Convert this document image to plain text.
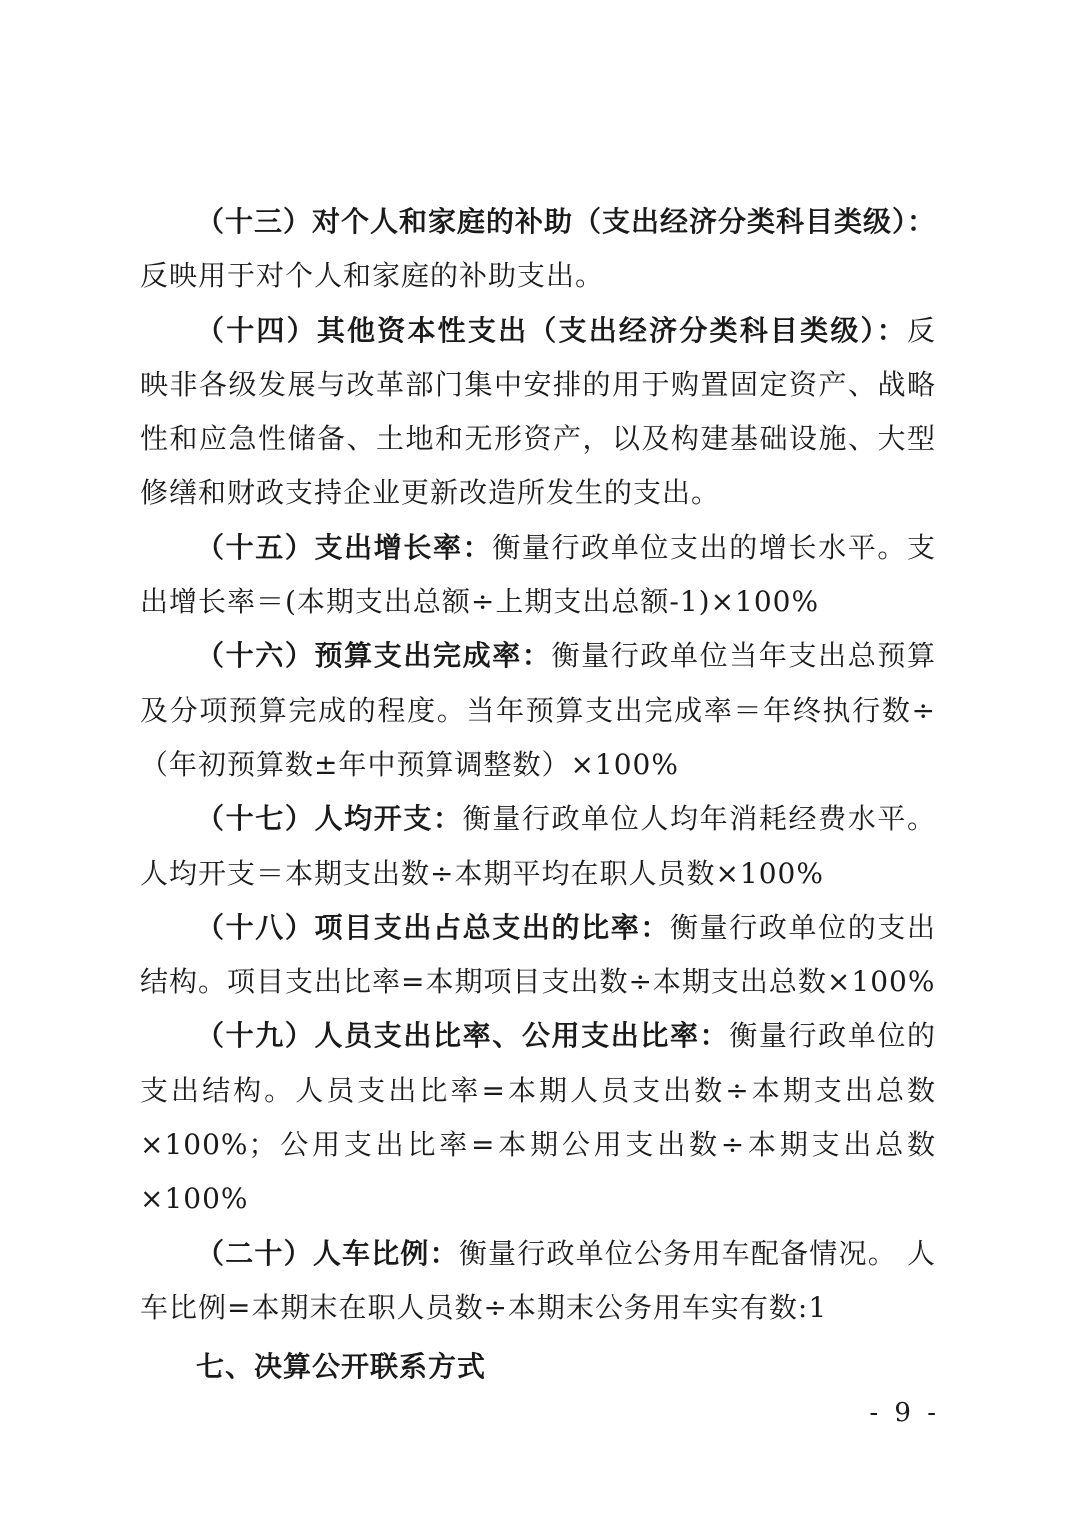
（十三）对个人和家庭的补助（支出经济分类科目类级）：反映用于对个人和家庭的补助支出。

（十四）其他资本性支出（支出经济分类科目类级）：反映非各级发展与改革部门集中安排的用于购置固定资产、战略性和应急性储备、土地和无形资产，以及构建基础设施、大型修缮和财政支持企业更新改造所发生的支出。

（十五）支出增长率：衡量行政单位支出的增长水平。支出增长率＝(本期支出总额÷上期支出总额-1)×100%

（十六）预算支出完成率：衡量行政单位当年支出总预算及分项预算完成的程度。当年预算支出完成率＝年终执行数÷（年初预算数±年中预算调整数）×100%

（十七）人均开支：衡量行政单位人均年消耗经费水平。人均开支＝本期支出数÷本期平均在职人员数×100%

（十八）项目支出占总支出的比率：衡量行政单位的支出结构。项目支出比率=本期项目支出数÷本期支出总数×100%

（十九）人员支出比率、公用支出比率：衡量行政单位的支出结构。人员支出比率=本期人员支出数÷本期支出总数×100%；公用支出比率=本期公用支出数÷本期支出总数×100%

（二十）人车比例：衡量行政单位公务用车配备情况。 人车比例=本期末在职人员数÷本期末公务用车实有数:1

七、决算公开联系方式
- 9 -
